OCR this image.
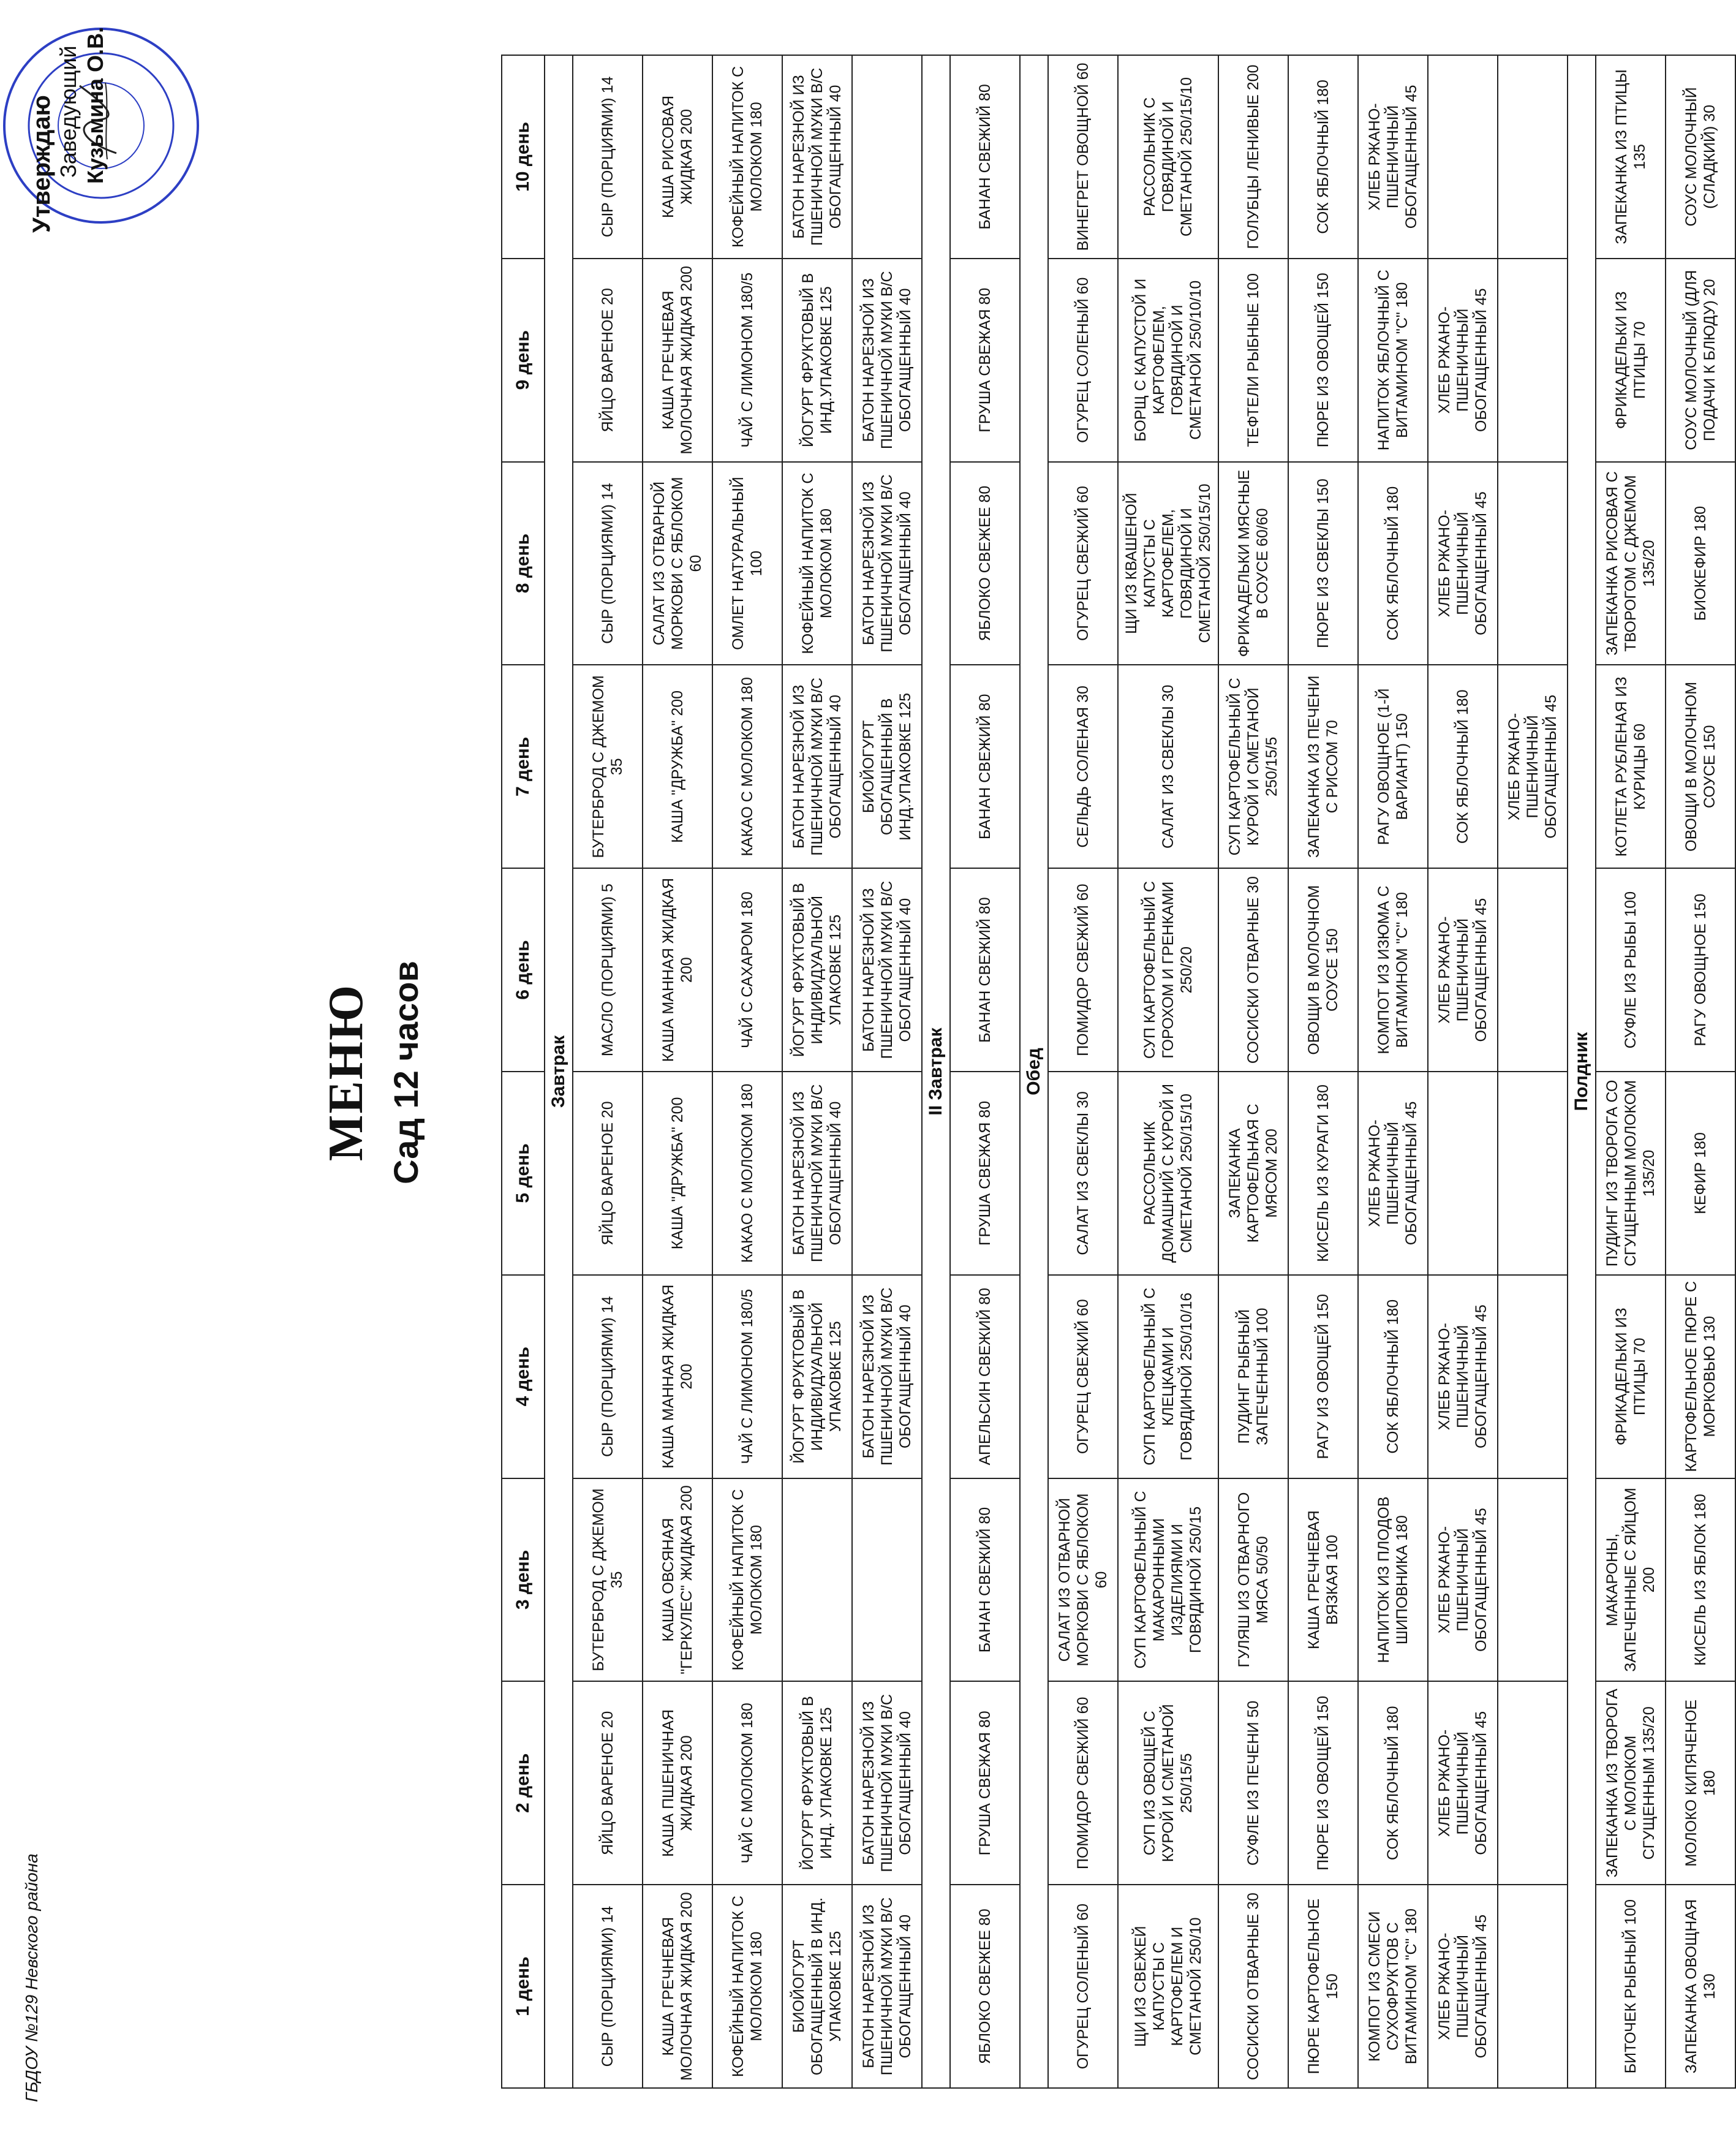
ГБДОУ №129 Невского района
Утверждаю Заведующий Кузьмина О.В.
МЕНЮ Сад 12 часов
1 день	2 день	3 день	4 день	5 день	6 день	7 день	8 день	9 день	10 день
Завтрак									
СЫР (ПОРЦИЯМИ) 14	ЯЙЦО ВАРЕНОЕ 20	БУТЕРБРОД С ДЖЕМОМ 35	СЫР (ПОРЦИЯМИ) 14	ЯЙЦО ВАРЕНОЕ 20	МАСЛО (ПОРЦИЯМИ) 5	БУТЕРБРОД С ДЖЕМОМ 35	СЫР (ПОРЦИЯМИ) 14	ЯЙЦО ВАРЕНОЕ 20	СЫР (ПОРЦИЯМИ) 14
КАША ГРЕЧНЕВАЯ МОЛОЧНАЯ ЖИДКАЯ 200	КАША ПШЕНИЧНАЯ ЖИДКАЯ 200	КАША ОВСЯНАЯ "ГЕРКУЛЕС" ЖИДКАЯ 200	КАША МАННАЯ ЖИДКАЯ 200	КАША "ДРУЖБА" 200	КАША МАННАЯ ЖИДКАЯ 200	КАША "ДРУЖБА" 200	САЛАТ ИЗ ОТВАРНОЙ МОРКОВИ С ЯБЛОКОМ 60	КАША ГРЕЧНЕВАЯ МОЛОЧНАЯ ЖИДКАЯ 200	КАША РИСОВАЯ ЖИДКАЯ 200
КОФЕЙНЫЙ НАПИТОК С МОЛОКОМ 180	ЧАЙ С МОЛОКОМ 180	КОФЕЙНЫЙ НАПИТОК С МОЛОКОМ 180	ЧАЙ С ЛИМОНОМ 180/5	КАКАО С МОЛОКОМ 180	ЧАЙ С САХАРОМ 180	КАКАО С МОЛОКОМ 180	ОМЛЕТ НАТУРАЛЬНЫЙ 100	ЧАЙ С ЛИМОНОМ 180/5	КОФЕЙНЫЙ НАПИТОК С МОЛОКОМ 180
БИОЙОГУРТ ОБОГАЩЕННЫЙ В ИНД. УПАКОВКЕ 125	ЙОГУРТ ФРУКТОВЫЙ В ИНД. УПАКОВКЕ 125		ЙОГУРТ ФРУКТОВЫЙ В ИНДИВИДУАЛЬНОЙ УПАКОВКЕ 125	БАТОН НАРЕЗНОЙ ИЗ ПШЕНИЧНОЙ МУКИ В/С ОБОГАЩЕННЫЙ 40	ЙОГУРТ ФРУКТОВЫЙ В ИНДИВИДУАЛЬНОЙ УПАКОВКЕ 125	БАТОН НАРЕЗНОЙ ИЗ ПШЕНИЧНОЙ МУКИ В/С ОБОГАЩЕННЫЙ 40	КОФЕЙНЫЙ НАПИТОК С МОЛОКОМ 180	ЙОГУРТ ФРУКТОВЫЙ В ИНД.УПАКОВКЕ 125	БАТОН НАРЕЗНОЙ ИЗ ПШЕНИЧНОЙ МУКИ В/С ОБОГАЩЕННЫЙ 40
БАТОН НАРЕЗНОЙ ИЗ ПШЕНИЧНОЙ МУКИ В/С ОБОГАЩЕННЫЙ 40	БАТОН НАРЕЗНОЙ ИЗ ПШЕНИЧНОЙ МУКИ В/С ОБОГАЩЕННЫЙ 40		БАТОН НАРЕЗНОЙ ИЗ ПШЕНИЧНОЙ МУКИ В/С ОБОГАЩЕННЫЙ 40		БАТОН НАРЕЗНОЙ ИЗ ПШЕНИЧНОЙ МУКИ В/С ОБОГАЩЕННЫЙ 40	БИОЙОГУРТ ОБОГАЩЕННЫЙ В ИНД.УПАКОВКЕ 125	БАТОН НАРЕЗНОЙ ИЗ ПШЕНИЧНОЙ МУКИ В/С ОБОГАЩЕННЫЙ 40	БАТОН НАРЕЗНОЙ ИЗ ПШЕНИЧНОЙ МУКИ В/С ОБОГАЩЕННЫЙ 40	
II Завтрак									
ЯБЛОКО СВЕЖЕЕ 80	ГРУША СВЕЖАЯ 80	БАНАН СВЕЖИЙ 80	АПЕЛЬСИН СВЕЖИЙ 80	ГРУША СВЕЖАЯ 80	БАНАН СВЕЖИЙ 80	БАНАН СВЕЖИЙ 80	ЯБЛОКО СВЕЖЕЕ 80	ГРУША СВЕЖАЯ 80	БАНАН СВЕЖИЙ 80
Обед									
ОГУРЕЦ СОЛЕНЫЙ 60	ПОМИДОР СВЕЖИЙ 60	САЛАТ ИЗ ОТВАРНОЙ МОРКОВИ С ЯБЛОКОМ 60	ОГУРЕЦ СВЕЖИЙ 60	САЛАТ ИЗ СВЕКЛЫ 30	ПОМИДОР СВЕЖИЙ 60	СЕЛЬДЬ СОЛЕНАЯ 30	ОГУРЕЦ СВЕЖИЙ 60	ОГУРЕЦ СОЛЕНЫЙ 60	ВИНЕГРЕТ ОВОЩНОЙ 60
ЩИ ИЗ СВЕЖЕЙ КАПУСТЫ С КАРТОФЕЛЕМ И СМЕТАНОЙ 250/10	СУП ИЗ ОВОЩЕЙ С КУРОЙ И СМЕТАНОЙ 250/15/5	СУП КАРТОФЕЛЬНЫЙ С МАКАРОННЫМИ ИЗДЕЛИЯМИ И ГОВЯДИНОЙ 250/15	СУП КАРТОФЕЛЬНЫЙ С КЛЕЦКАМИ И ГОВЯДИНОЙ 250/10/16	РАССОЛЬНИК ДОМАШНИЙ С КУРОЙ И СМЕТАНОЙ 250/15/10	СУП КАРТОФЕЛЬНЫЙ С ГОРОХОМ И ГРЕНКАМИ 250/20	САЛАТ ИЗ СВЕКЛЫ 30	ЩИ ИЗ КВАШЕНОЙ КАПУСТЫ С КАРТОФЕЛЕМ, ГОВЯДИНОЙ И СМЕТАНОЙ 250/15/10	БОРЩ С КАПУСТОЙ И КАРТОФЕЛЕМ, ГОВЯДИНОЙ И СМЕТАНОЙ 250/10/10	РАССОЛЬНИК С ГОВЯДИНОЙ И СМЕТАНОЙ 250/15/10
СОСИСКИ ОТВАРНЫЕ 30	СУФЛЕ ИЗ ПЕЧЕНИ 50	ГУЛЯШ ИЗ ОТВАРНОГО МЯСА 50/50	ПУДИНГ РЫБНЫЙ ЗАПЕЧЕННЫЙ 100	ЗАПЕКАНКА КАРТОФЕЛЬНАЯ С МЯСОМ 200	СОСИСКИ ОТВАРНЫЕ 30	СУП КАРТОФЕЛЬНЫЙ С КУРОЙ И СМЕТАНОЙ 250/15/5	ФРИКАДЕЛЬКИ МЯСНЫЕ В СОУСЕ 60/60	ТЕФТЕЛИ РЫБНЫЕ 100	ГОЛУБЦЫ ЛЕНИВЫЕ 200
ПЮРЕ КАРТОФЕЛЬНОЕ 150	ПЮРЕ ИЗ ОВОЩЕЙ 150	КАША ГРЕЧНЕВАЯ ВЯЗКАЯ 100	РАГУ ИЗ ОВОЩЕЙ 150	КИСЕЛЬ ИЗ КУРАГИ 180	ОВОЩИ В МОЛОЧНОМ СОУСЕ 150	ЗАПЕКАНКА ИЗ ПЕЧЕНИ С РИСОМ 70	ПЮРЕ ИЗ СВЕКЛЫ 150	ПЮРЕ ИЗ ОВОЩЕЙ 150	СОК ЯБЛОЧНЫЙ 180
КОМПОТ ИЗ СМЕСИ СУХОФРУКТОВ С ВИТАМИНОМ "С" 180	СОК ЯБЛОЧНЫЙ 180	НАПИТОК ИЗ ПЛОДОВ ШИПОВНИКА 180	СОК ЯБЛОЧНЫЙ 180	ХЛЕБ РЖАНО-ПШЕНИЧНЫЙ ОБОГАЩЕННЫЙ 45	КОМПОТ ИЗ ИЗЮМА С ВИТАМИНОМ "С" 180	РАГУ ОВОЩНОЕ (1-Й ВАРИАНТ) 150	СОК ЯБЛОЧНЫЙ 180	НАПИТОК ЯБЛОЧНЫЙ С ВИТАМИНОМ "С" 180	ХЛЕБ РЖАНО-ПШЕНИЧНЫЙ ОБОГАЩЕННЫЙ 45
ХЛЕБ РЖАНО-ПШЕНИЧНЫЙ ОБОГАЩЕННЫЙ 45	ХЛЕБ РЖАНО-ПШЕНИЧНЫЙ ОБОГАЩЕННЫЙ 45	ХЛЕБ РЖАНО-ПШЕНИЧНЫЙ ОБОГАЩЕННЫЙ 45	ХЛЕБ РЖАНО-ПШЕНИЧНЫЙ ОБОГАЩЕННЫЙ 45		ХЛЕБ РЖАНО-ПШЕНИЧНЫЙ ОБОГАЩЕННЫЙ 45	СОК ЯБЛОЧНЫЙ 180	ХЛЕБ РЖАНО-ПШЕНИЧНЫЙ ОБОГАЩЕННЫЙ 45	ХЛЕБ РЖАНО-ПШЕНИЧНЫЙ ОБОГАЩЕННЫЙ 45	
						ХЛЕБ РЖАНО-ПШЕНИЧНЫЙ ОБОГАЩЕННЫЙ 45			
Полдник									
БИТОЧЕК РЫБНЫЙ 100	ЗАПЕКАНКА ИЗ ТВОРОГА С МОЛОКОМ СГУЩЕННЫМ 135/20	МАКАРОНЫ, ЗАПЕЧЕННЫЕ С ЯЙЦОМ 200	ФРИКАДЕЛЬКИ ИЗ ПТИЦЫ 70	ПУДИНГ ИЗ ТВОРОГА СО СГУЩЕННЫМ МОЛОКОМ 135/20	СУФЛЕ ИЗ РЫБЫ 100	КОТЛЕТА РУБЛЕНАЯ ИЗ КУРИЦЫ 60	ЗАПЕКАНКА РИСОВАЯ С ТВОРОГОМ С ДЖЕМОМ 135/20	ФРИКАДЕЛЬКИ ИЗ ПТИЦЫ 70	ЗАПЕКАНКА ИЗ ПТИЦЫ 135
ЗАПЕКАНКА ОВОЩНАЯ 130	МОЛОКО КИПЯЧЕНОЕ 180	КИСЕЛЬ ИЗ ЯБЛОК 180	КАРТОФЕЛЬНОЕ ПЮРЕ С МОРКОВЬЮ 130	КЕФИР 180	РАГУ ОВОЩНОЕ 150	ОВОЩИ В МОЛОЧНОМ СОУСЕ 150	БИОКЕФИР 180	СОУС МОЛОЧНЫЙ (ДЛЯ ПОДАЧИ К БЛЮДУ) 20	СОУС МОЛОЧНЫЙ (СЛАДКИЙ) 30
